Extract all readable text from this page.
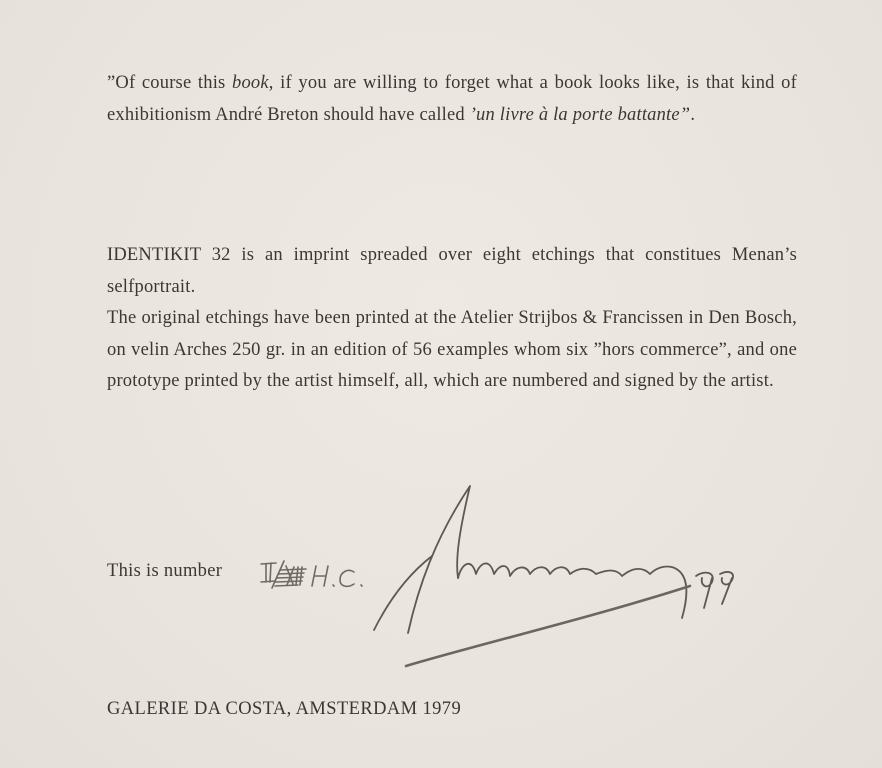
”Of course this book, if you are willing to forget what a book looks like, is that kind of exhibitionism André Breton should have called ’un livre à la porte battante”.

IDENTIKIT 32 is an imprint spreaded over eight etchings that constitues Menan’s selfportrait.

The original etchings have been printed at the Atelier Strijbos & Francissen in Den Bosch, on velin Arches 250 gr. in an edition of 56 examples whom six ”hors commerce”, and one prototype printed by the artist himself, all, which are numbered and signed by the artist.

This is number
GALERIE DA COSTA, AMSTERDAM 1979
